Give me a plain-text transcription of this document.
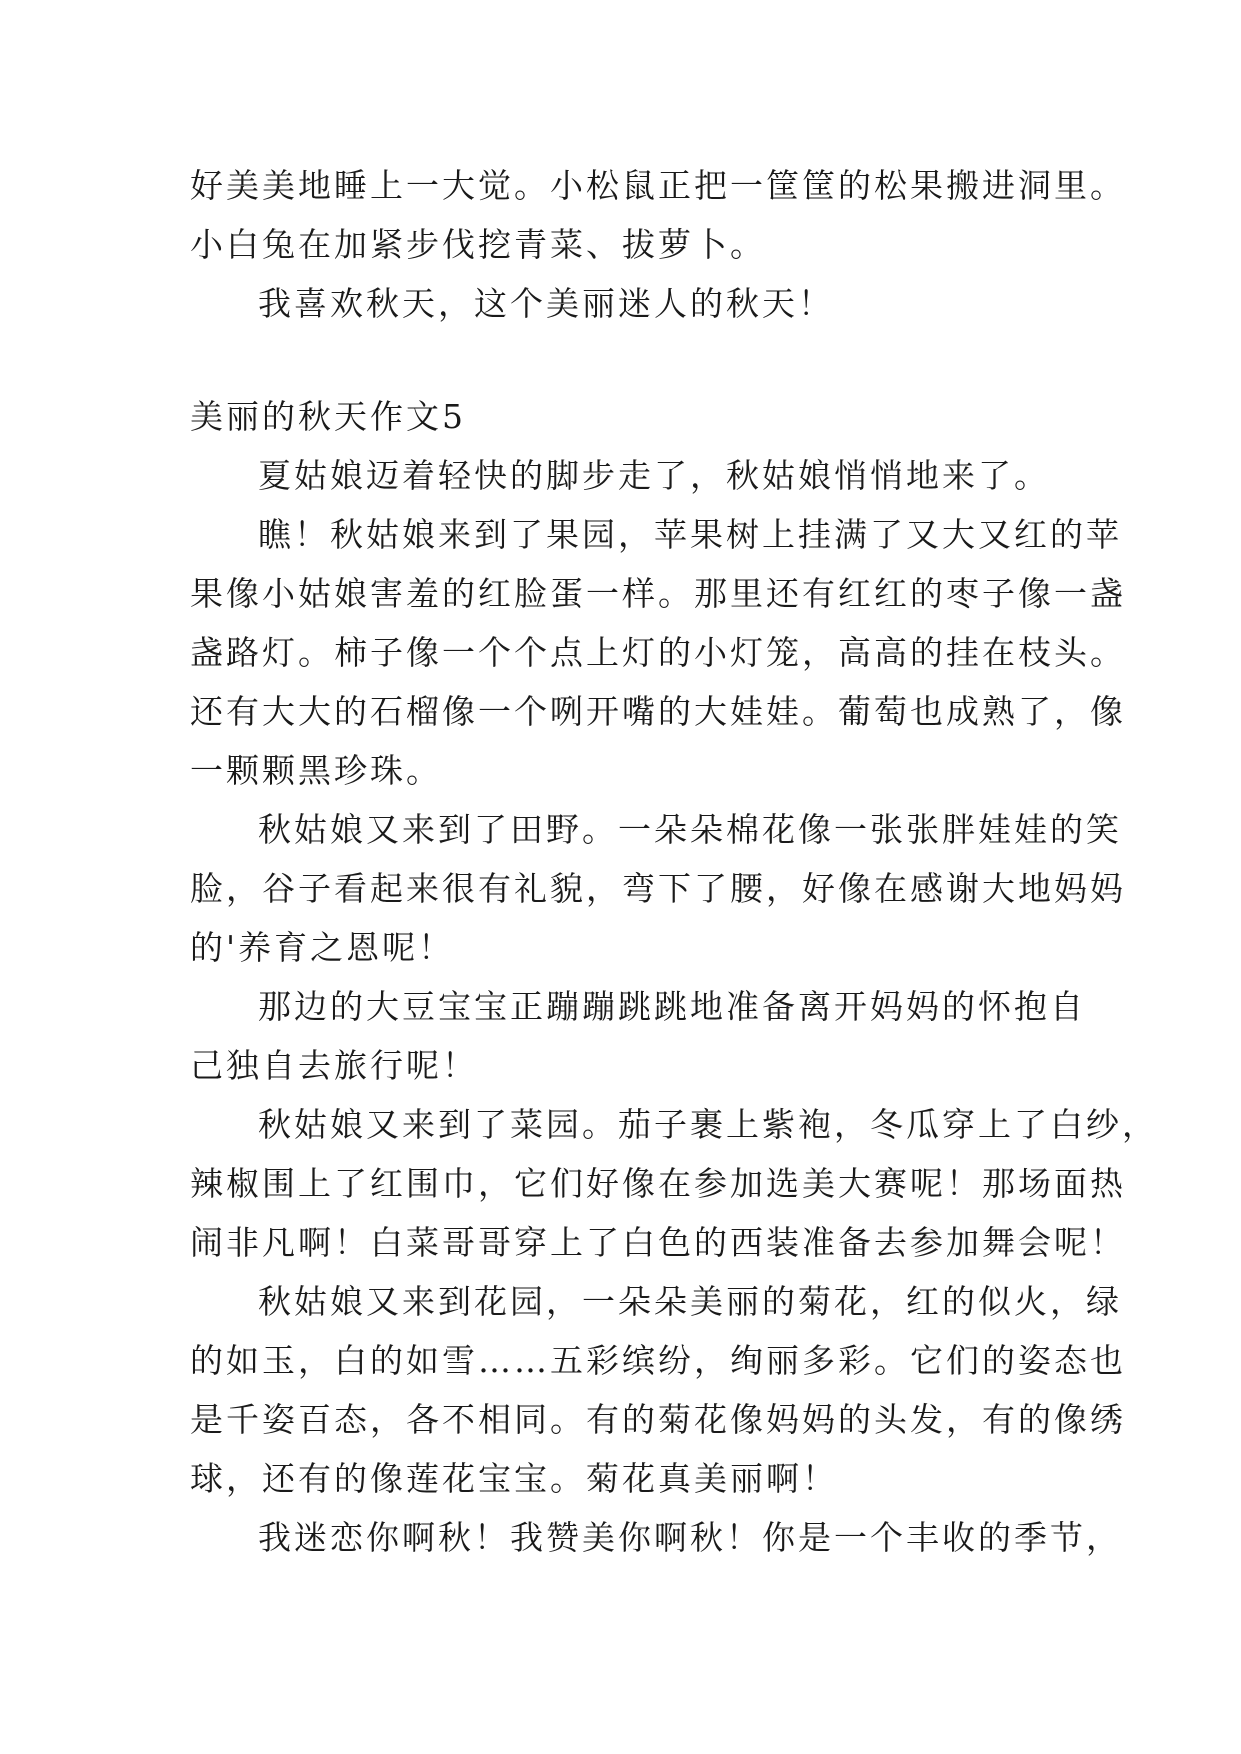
好美美地睡上一大觉。小松鼠正把一筐筐的松果搬进洞里。
小白兔在加紧步伐挖青菜、拔萝卜。
我喜欢秋天，这个美丽迷人的秋天！
美丽的秋天作文5
夏姑娘迈着轻快的脚步走了，秋姑娘悄悄地来了。
瞧！秋姑娘来到了果园，苹果树上挂满了又大又红的苹
果像小姑娘害羞的红脸蛋一样。那里还有红红的枣子像一盏
盏路灯。柿子像一个个点上灯的小灯笼，高高的挂在枝头。
还有大大的石榴像一个咧开嘴的大娃娃。葡萄也成熟了，像
一颗颗黑珍珠。
秋姑娘又来到了田野。一朵朵棉花像一张张胖娃娃的笑
脸，谷子看起来很有礼貌，弯下了腰，好像在感谢大地妈妈
的'养育之恩呢！
那边的大豆宝宝正蹦蹦跳跳地准备离开妈妈的怀抱自
己独自去旅行呢！
秋姑娘又来到了菜园。茄子裹上紫袍，冬瓜穿上了白纱，
辣椒围上了红围巾，它们好像在参加选美大赛呢！那场面热
闹非凡啊！白菜哥哥穿上了白色的西装准备去参加舞会呢！
秋姑娘又来到花园，一朵朵美丽的菊花，红的似火，绿
的如玉，白的如雪……五彩缤纷，绚丽多彩。它们的姿态也
是千姿百态，各不相同。有的菊花像妈妈的头发，有的像绣
球，还有的像莲花宝宝。菊花真美丽啊！
我迷恋你啊秋！我赞美你啊秋！你是一个丰收的季节，
